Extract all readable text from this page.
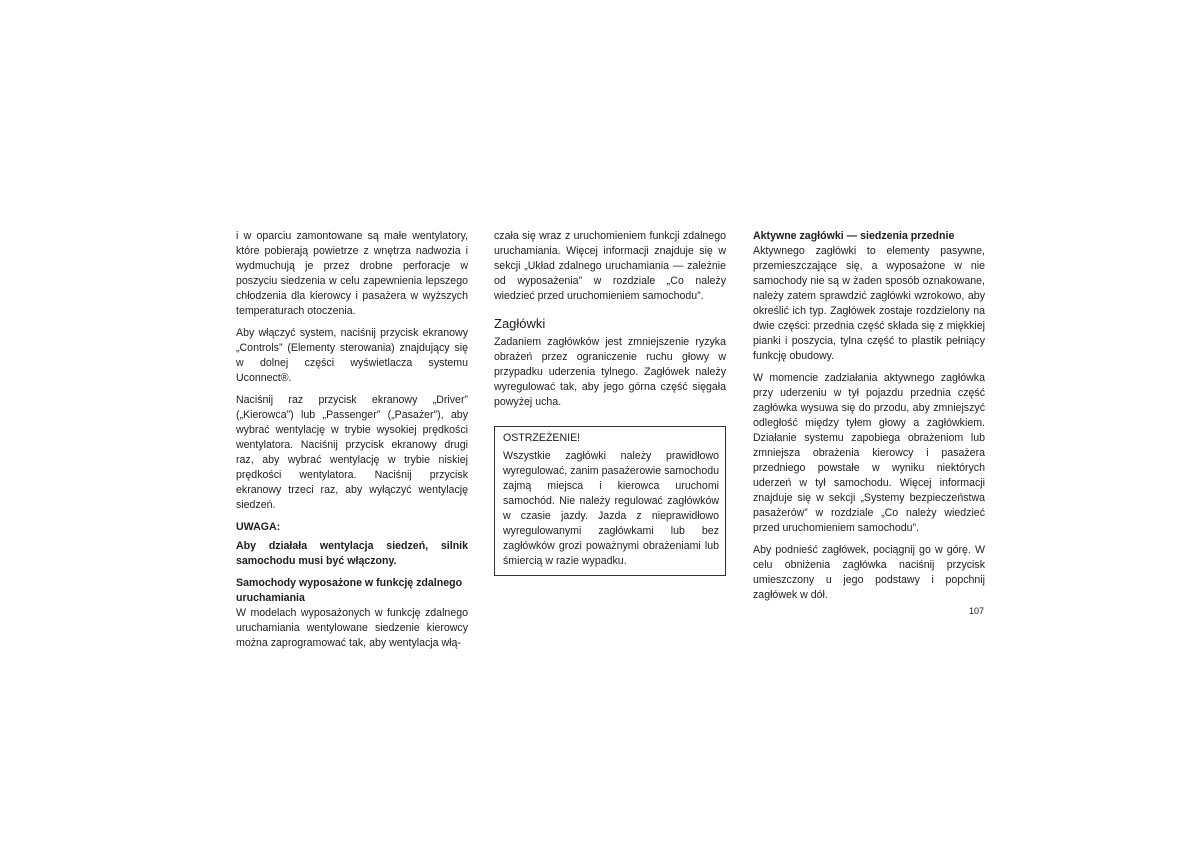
i w oparciu zamontowane są małe wentylatory, które pobierają powietrze z wnętrza nadwozia i wydmuchują je przez drobne perforacje w poszyciu siedzenia w celu zapewnienia lepszego chłodzenia dla kierowcy i pasażera w wyższych temperaturach otoczenia.

Aby włączyć system, naciśnij przycisk ekranowy „Controls” (Elementy sterowania) znajdujący się w dolnej części wyświetlacza systemu Uconnect®.

Naciśnij raz przycisk ekranowy „Driver” („Kierowca”) lub „Passenger” („Pasażer”), aby wybrać wentylację w trybie wysokiej prędkości wentylatora. Naciśnij przycisk ekranowy drugi raz, aby wybrać wentylację w trybie niskiej prędkości wentylatora. Naciśnij przycisk ekranowy trzeci raz, aby wyłączyć wentylację siedzeń.

UWAGA:

Aby działała wentylacja siedzeń, silnik samochodu musi być włączony.

Samochody wyposażone w funkcję zdalnego uruchamiania

W modelach wyposażonych w funkcję zdalnego uruchamiania wentylowane siedzenie kierowcy można zaprogramować tak, aby wentylacja włą-

czała się wraz z uruchomieniem funkcji zdalnego uruchamiania. Więcej informacji znajduje się w sekcji „Układ zdalnego uruchamiania — zależnie od wyposażenia” w rozdziale „Co należy wiedzieć przed uruchomieniem samochodu”.

Zagłówki

Zadaniem zagłówków jest zmniejszenie ryzyka obrażeń przez ograniczenie ruchu głowy w przypadku uderzenia tylnego. Zagłówek należy wyregulować tak, aby jego górna część sięgała powyżej ucha.

OSTRZEŻENIE!

Wszystkie zagłówki należy prawidłowo wyregulować, zanim pasażerowie samochodu zajmą miejsca i kierowca uruchomi samochód. Nie należy regulować zagłówków w czasie jazdy. Jazda z nieprawidłowo wyregulowanymi zagłówkami lub bez zagłówków grozi poważnymi obrażeniami lub śmiercią w razie wypadku.

Aktywne zagłówki — siedzenia przednie

Aktywnego zagłówki to elementy pasywne, przemieszczające się, a wyposażone w nie samochody nie są w żaden sposób oznakowane, należy zatem sprawdzić zagłówki wzrokowo, aby określić ich typ. Zagłówek zostaje rozdzielony na dwie części: przednia część składa się z miękkiej pianki i poszycia, tylna część to plastik pełniący funkcję obudowy.

W momencie zadziałania aktywnego zagłówka przy uderzeniu w tył pojazdu przednia część zagłówka wysuwa się do przodu, aby zmniejszyć odległość między tyłem głowy a zagłówkiem. Działanie systemu zapobiega obrażeniom lub zmniejsza obrażenia kierowcy i pasażera przedniego powstałe w wyniku niektórych uderzeń w tył samochodu. Więcej informacji znajduje się w sekcji „Systemy bezpieczeństwa pasażerów” w rozdziale „Co należy wiedzieć przed uruchomieniem samochodu”.

Aby podnieść zagłówek, pociągnij go w górę. W celu obniżenia zagłówka naciśnij przycisk umieszczony u jego podstawy i popchnij zagłówek w dół.

107
